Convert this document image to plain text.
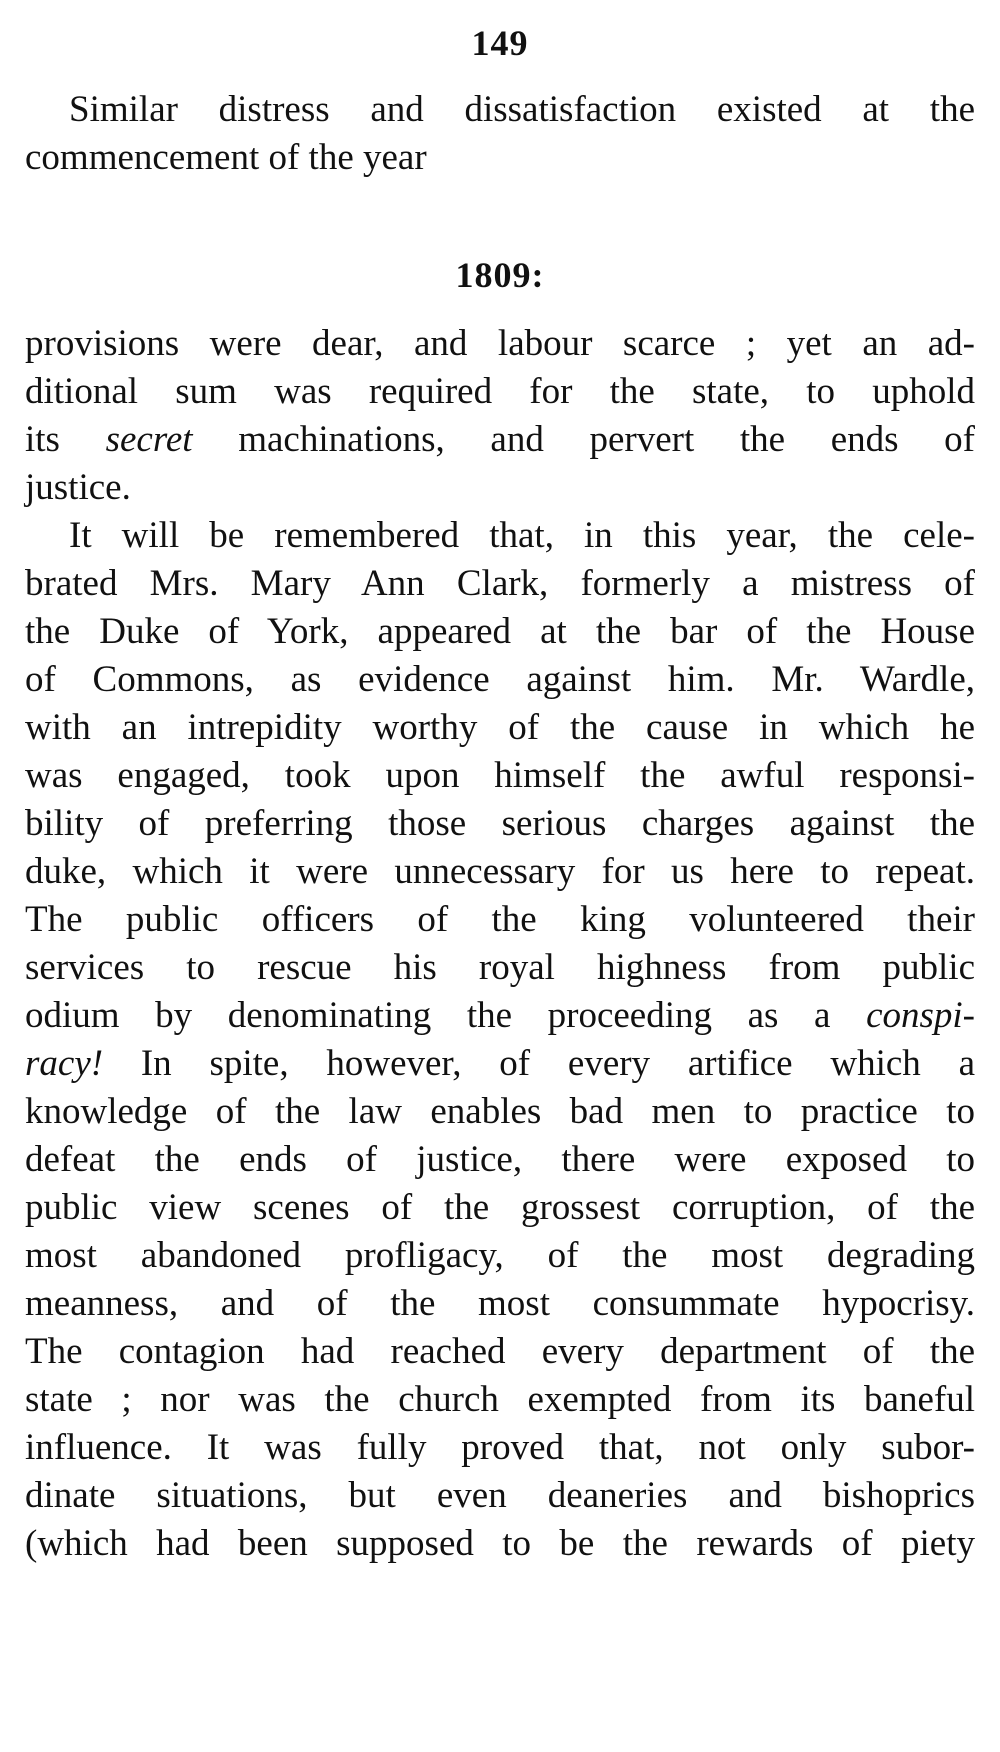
149
Similar distress and dissatisfaction existed at the
commencement of the year
1809:
provisions were dear, and labour scarce ; yet an ad-
ditional sum was required for the state, to uphold
its secret machinations, and pervert the ends of
justice.
It will be remembered that, in this year, the cele-
brated Mrs. Mary Ann Clark, formerly a mistress of
the Duke of York, appeared at the bar of the House
of Commons, as evidence against him. Mr. Wardle,
with an intrepidity worthy of the cause in which he
was engaged, took upon himself the awful responsi-
bility of preferring those serious charges against the
duke, which it were unnecessary for us here to repeat.
The public officers of the king volunteered their
services to rescue his royal highness from public
odium by denominating the proceeding as a conspi-
racy! In spite, however, of every artifice which a
knowledge of the law enables bad men to practice to
defeat the ends of justice, there were exposed to
public view scenes of the grossest corruption, of the
most abandoned profligacy, of the most degrading
meanness, and of the most consummate hypocrisy.
The contagion had reached every department of the
state ; nor was the church exempted from its baneful
influence. It was fully proved that, not only subor-
dinate situations, but even deaneries and bishoprics
(which had been supposed to be the rewards of piety
